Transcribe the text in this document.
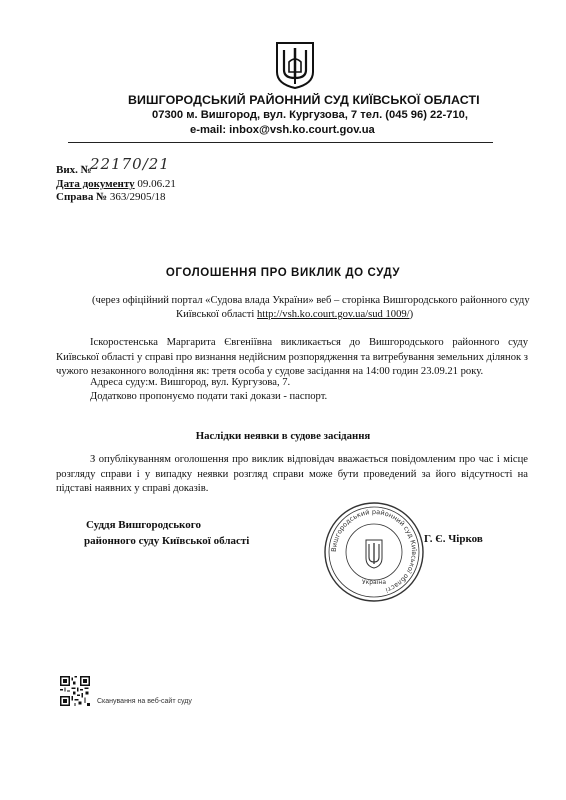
ВИШГОРОДСЬКИЙ РАЙОННИЙ СУД КИЇВСЬКОЇ ОБЛАСТІ
07300 м. Вишгород, вул. Кургузова, 7 тел. (045 96) 22-710,
e-mail: inbox@vsh.ko.court.gov.ua
Вих. №
22170/21
Дата документу 09.06.21
Справа № 363/2905/18
ОГОЛОШЕННЯ ПРО ВИКЛИК ДО СУДУ
(через офіційний портал «Судова влада України» веб – сторінка Вишгородського районного суду
Київської області http://vsh.ko.court.gov.ua/sud 1009/)
Іскоростенська Маргарита Євгеніївна викликається до Вишгородського районного суду Київської області у справі про визнання недійсним розпорядження та витребування земельних ділянок з чужого незаконного володіння як: третя особа у судове засідання на 14:00 годин 23.09.21 року.
Адреса суду:м. Вишгород, вул. Кургузова, 7.
Додатково пропонуємо подати такі докази - паспорт.
Наслідки неявки в судове засідання
З опублікуванням оголошення про виклик відповідач вважається повідомленим про час і місце розгляду справи і у випадку неявки розгляд справи може бути проведений за його відсутності на підставі наявних у справі доказів.
Суддя Вишгородського
районного суду Київської області	Г. Є. Чірков
Вишгородський районний суд Київської області
Україна
Сканування на веб-сайт суду
